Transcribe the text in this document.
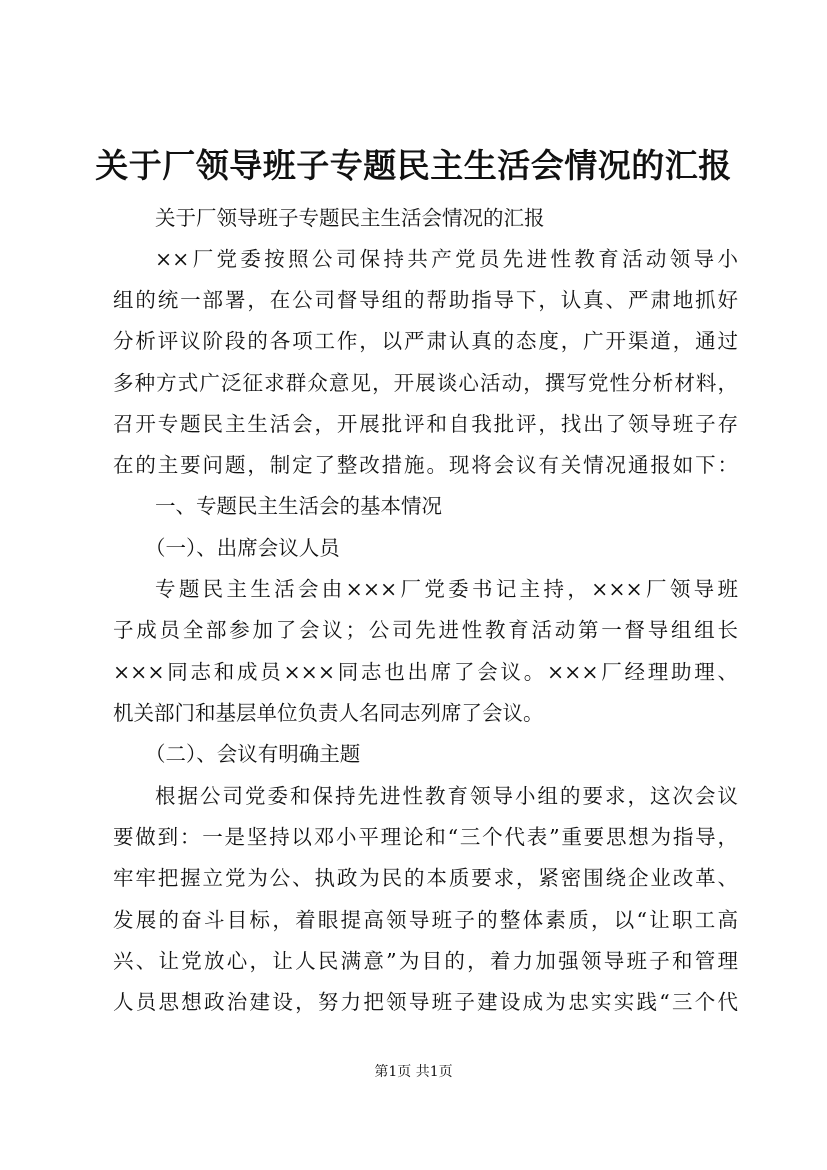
关于厂领导班子专题民主生活会情况的汇报

关于厂领导班子专题民主生活会情况的汇报

××厂党委按照公司保持共产党员先进性教育活动领导小

组的统一部署，在公司督导组的帮助指导下，认真、严肃地抓好

分析评议阶段的各项工作，以严肃认真的态度，广开渠道，通过

多种方式广泛征求群众意见，开展谈心活动，撰写党性分析材料，

召开专题民主生活会，开展批评和自我批评，找出了领导班子存

在的主要问题，制定了整改措施。现将会议有关情况通报如下：

一、专题民主生活会的基本情况

（一）、出席会议人员

专题民主生活会由×××厂党委书记主持，×××厂领导班

子成员全部参加了会议；公司先进性教育活动第一督导组组长

×××同志和成员×××同志也出席了会议。×××厂经理助理、

机关部门和基层单位负责人名同志列席了会议。

（二）、会议有明确主题

根据公司党委和保持先进性教育领导小组的要求，这次会议

要做到：一是坚持以邓小平理论和“三个代表”重要思想为指导，

牢牢把握立党为公、执政为民的本质要求，紧密围绕企业改革、

发展的奋斗目标，着眼提高领导班子的整体素质，以“让职工高

兴、让党放心，让人民满意”为目的，着力加强领导班子和管理

人员思想政治建设，努力把领导班子建设成为忠实实践“三个代

第1页 共1页
